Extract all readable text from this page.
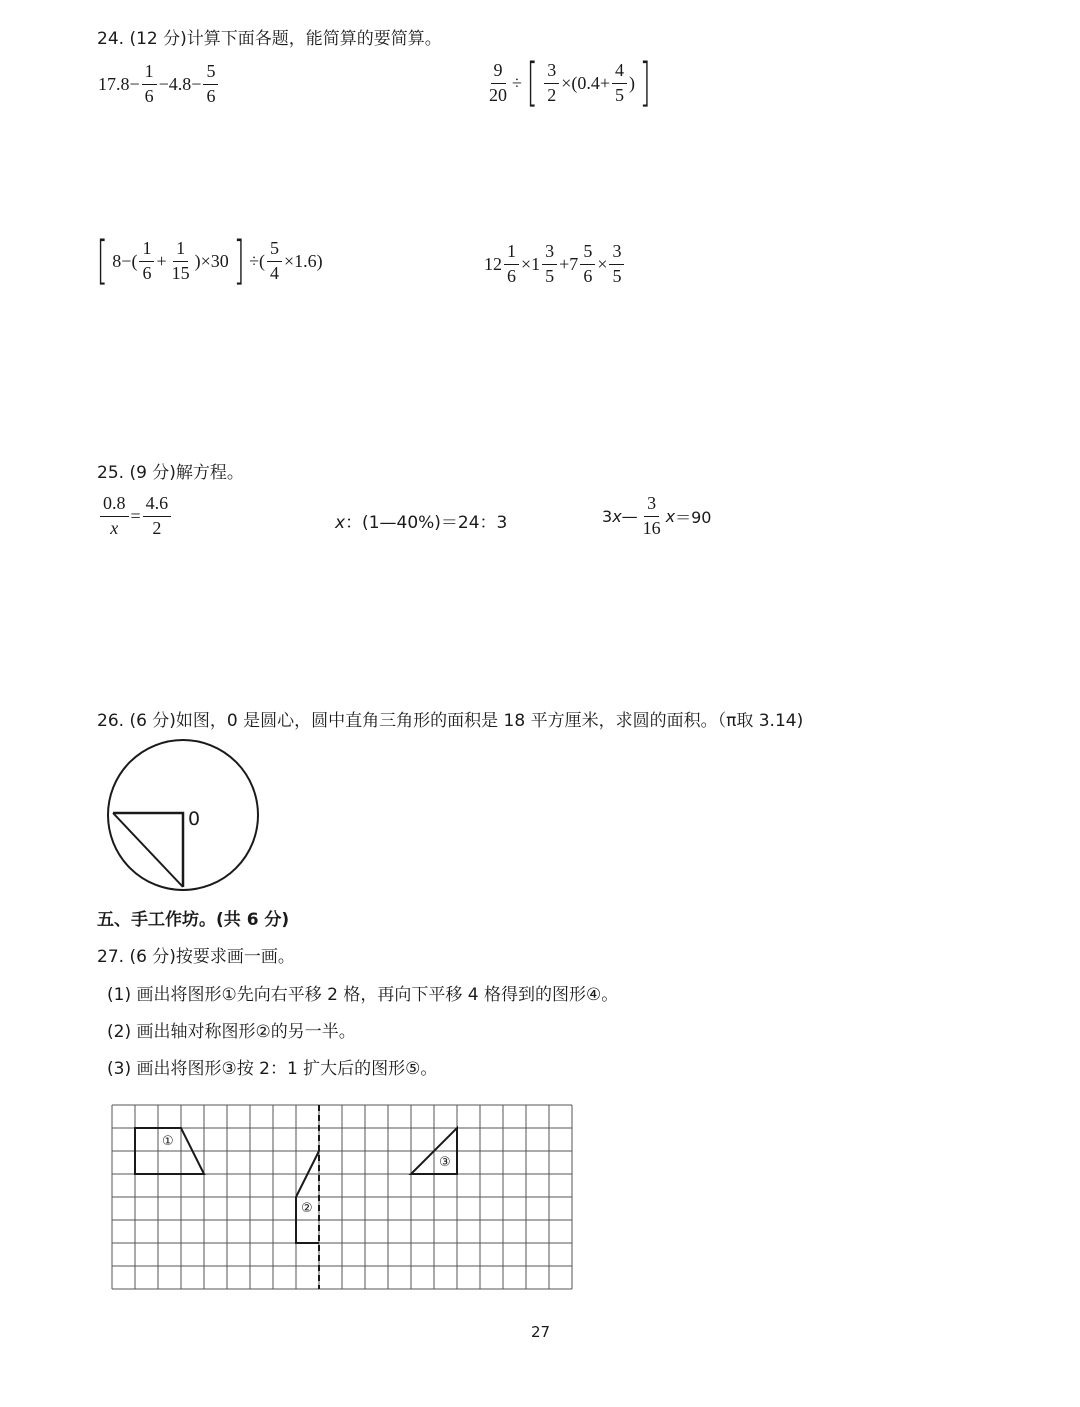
24. (12 分)计算下面各题，能简算的要简算。
$17.8 - \frac{1}{6} -4.8- \frac{5}{6}$	$\frac{9}{20}$ ÷ [ $\frac{3}{2} \times(0.4+ \frac{4}{5}$ ) ]
[ $8-( \frac{1}{6} + \frac{1}{15} )\times 30$ ] ÷( $\frac{5}{4} \times 1.6$)	$12 \frac{1}{6} \times 1 \frac{3}{5} +7 \frac{5}{6} \times \frac{3}{5}$
25. (9 分)解方程。
$\frac{0.8}{x} = \frac{4.6}{2}$	x：(1—40%)＝24：3	3 x — $\frac{3}{16}$ x ＝90
26. (6 分)如图，0 是圆心，圆中直角三角形的面积是 18 平方厘米，求圆的面积。（π取 3.14)
0
五、手工作坊。(共 6 分)
27. (6 分)按要求画一画。
(1) 画出将图形①先向右平移 2 格，再向下平移 4 格得到的图形④。
(2) 画出轴对称图形②的另一半。
(3) 画出将图形③按 2：1 扩大后的图形⑤。
①
②
③
27
